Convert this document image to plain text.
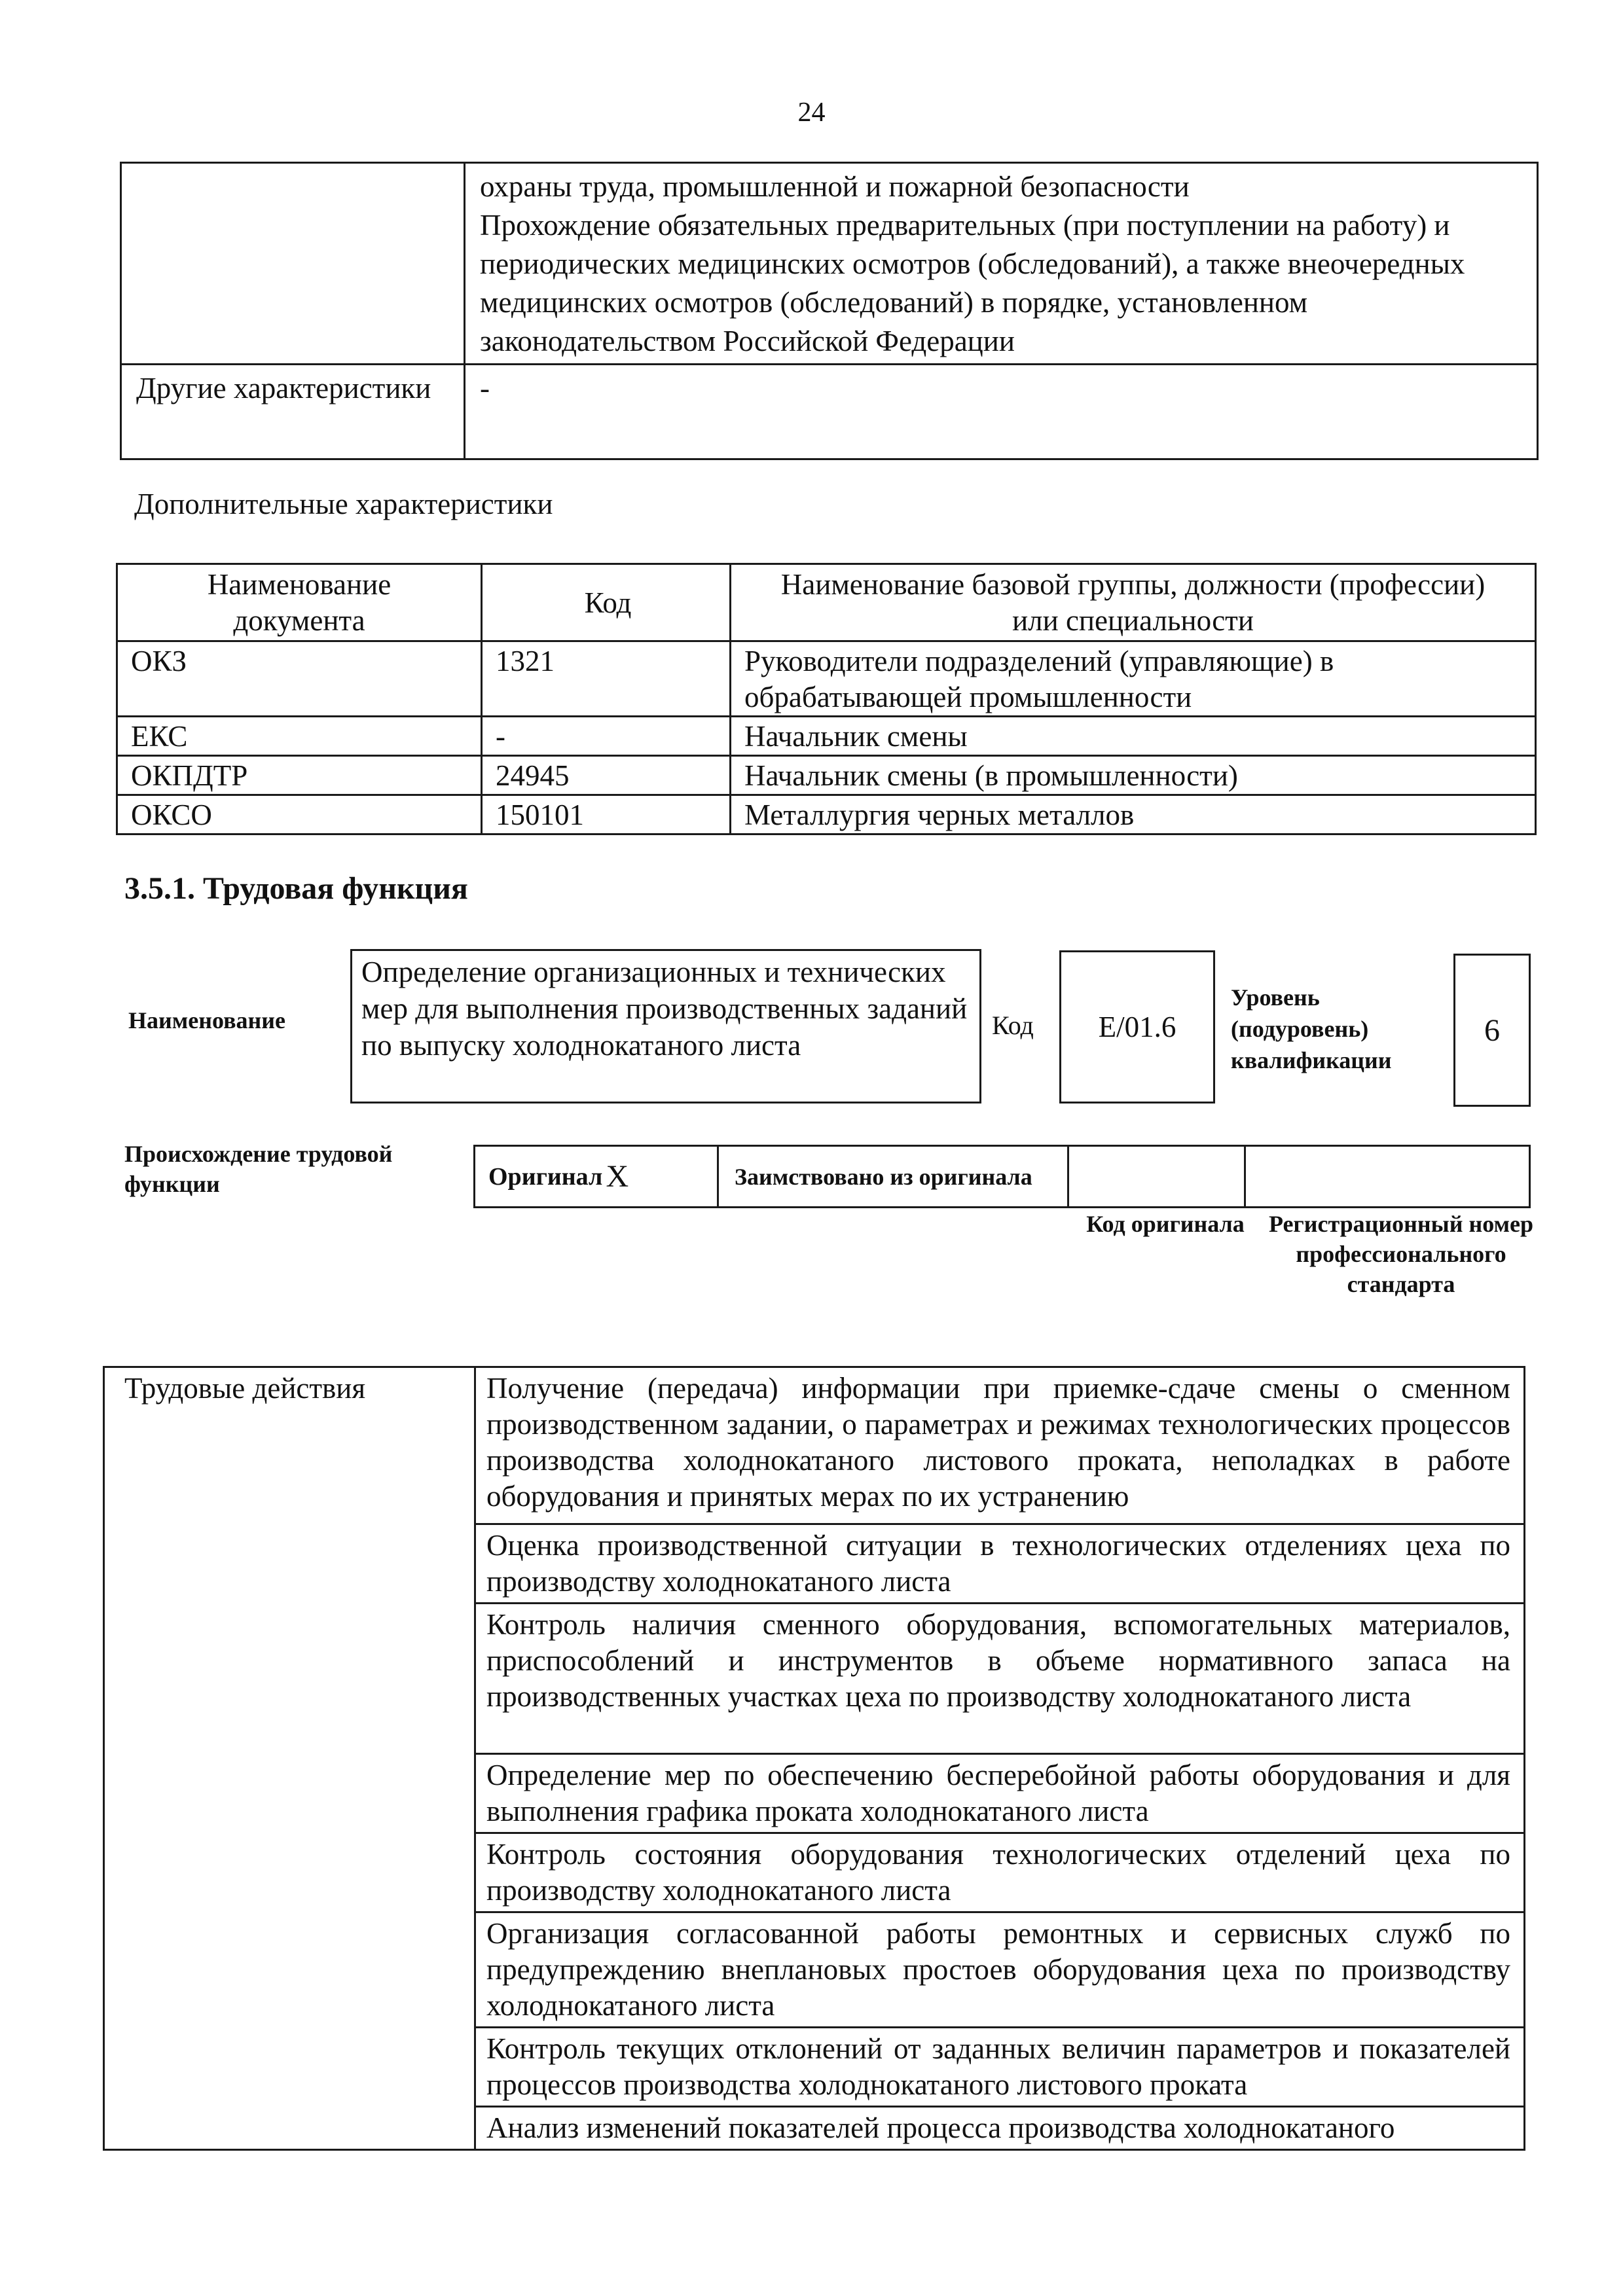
24

	охраны труда, промышленной и пожарной безопасности
Прохождение обязательных предварительных (при поступлении на работу) и периодических медицинских осмотров (обследований), а также внеочередных медицинских осмотров (обследований) в порядке, установленном законодательством Российской Федерации

Другие характеристики	-
Дополнительные характеристики
Наименование документа	Код	Наименование базовой группы, должности (профессии) или специальности
ОКЗ	1321	Руководители подразделений (управляющие) в обрабатывающей промышленности
ЕКС	-	Начальник смены
ОКПДТР	24945	Начальник смены (в промышленности)
ОКСО	150101	Металлургия черных металлов
3.5.1. Трудовая функция
Наименование
Определение организационных и технических мер для выполнения производственных заданий по выпуску холоднокатаного листа
Код E/01.6
Уровень (подуровень) квалификации
6
Происхождение трудовой функции	Оригинал	X	Заимствовано из оригинала		
Код оригинала	Регистрационный номер профессионального стандарта
Трудовые действия	Получение (передача) информации при приемке-сдаче смены о сменном производственном задании, о параметрах и режимах технологических процессов производства холоднокатаного листового проката, неполадках в работе оборудования и принятых мерах по их устранению
Оценка производственной ситуации в технологических отделениях цеха по производству холоднокатаного листа
Контроль наличия сменного оборудования, вспомогательных материалов, приспособлений и инструментов в объеме нормативного запаса на производственных участках цеха по производству холоднокатаного листа
Определение мер по обеспечению бесперебойной работы оборудования и для выполнения графика проката холоднокатаного листа
Контроль состояния оборудования технологических отделений цеха по производству холоднокатаного листа
Организация согласованной работы ремонтных и сервисных служб по предупреждению внеплановых простоев оборудования цеха по производству холоднокатаного листа
Контроль текущих отклонений от заданных величин параметров и показателей процессов производства холоднокатаного листового проката
Анализ изменений показателей процесса производства холоднокатаного
